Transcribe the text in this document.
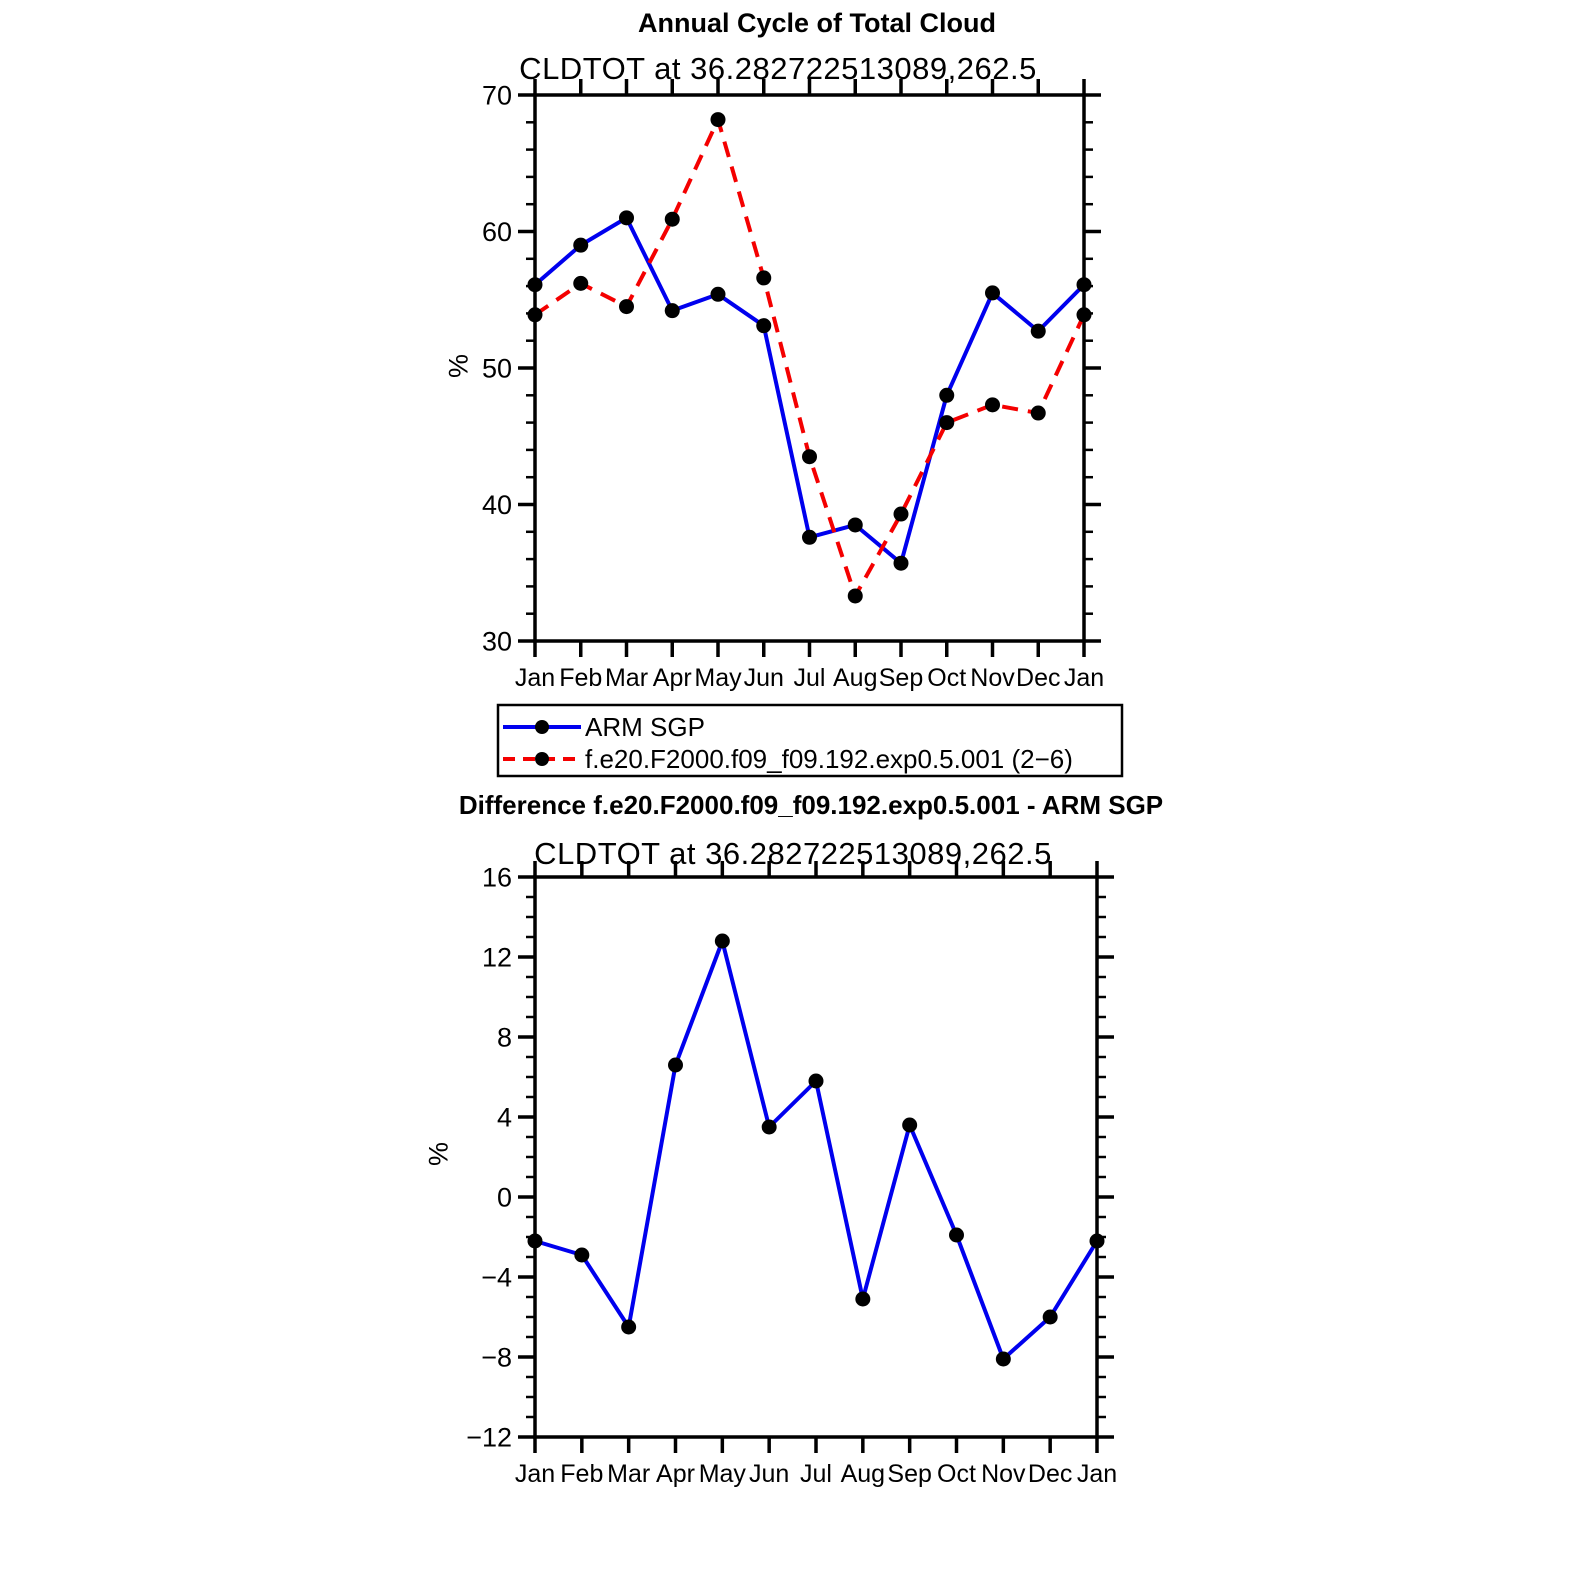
Annual Cycle of Total Cloud
CLDTOT at 36.282722513089,262.5
%
Difference f.e20.F2000.f09_f09.192.exp0.5.001 - ARM SGP
CLDTOT at 36.282722513089,262.5
%
Jan Feb Mar Apr May Jun Jul Aug Sep Oct Nov Dec Jan
30
40
50
60
70
ARM SGP
f.e20.F2000.f09_f09.192.exp0.5.001 (2−6)
Jan Feb Mar Apr May Jun Jul Aug Sep Oct Nov Dec Jan
−12
−8
−4
0
4
8
12
16
